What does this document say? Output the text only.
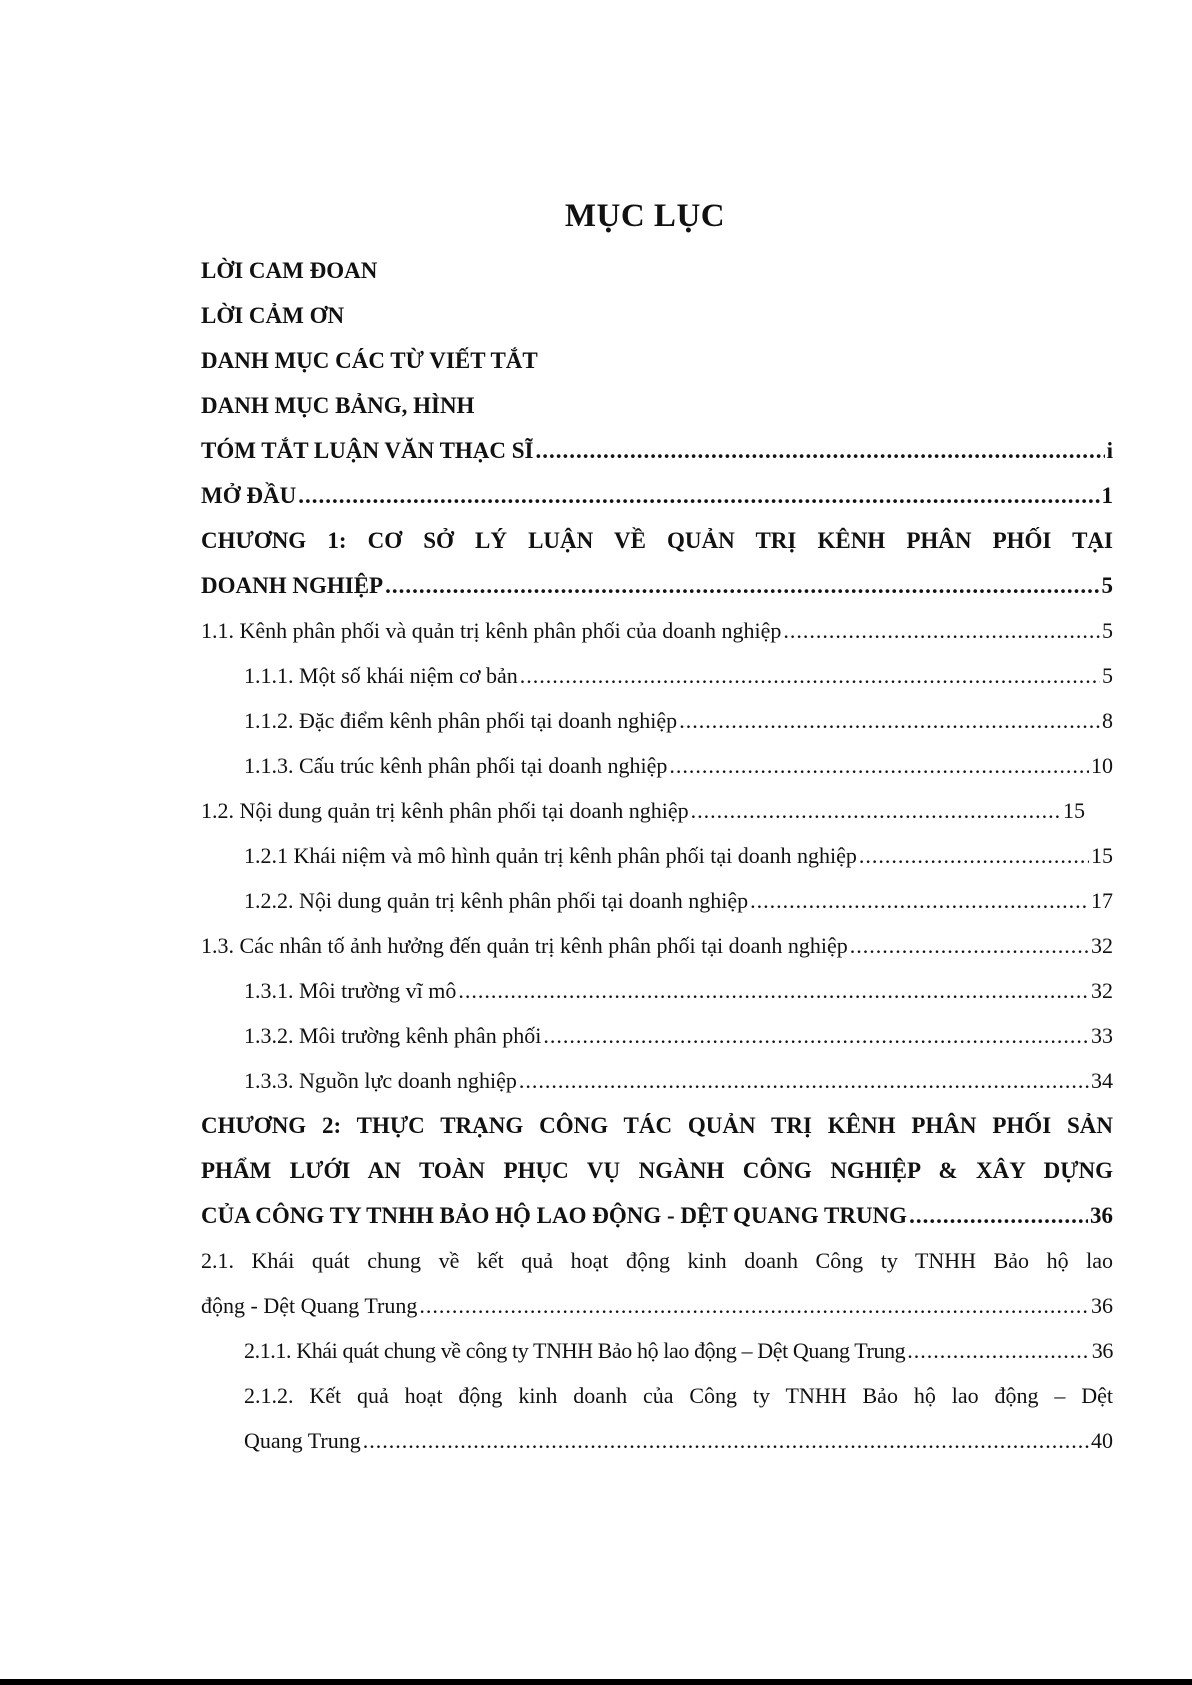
MỤC LỤC
LỜI CAM ĐOAN
LỜI CẢM ƠN
DANH MỤC CÁC TỪ VIẾT TẮT
DANH MỤC BẢNG, HÌNH
TÓM TẮT LUẬN VĂN THẠC SĨ .....	i
MỞ ĐẦU .....	1
CHƯƠNG 1: CƠ SỞ LÝ LUẬN VỀ QUẢN TRỊ KÊNH PHÂN PHỐI TẠI
DOANH NGHIỆP .....	5
1.1. Kênh phân phối và quản trị kênh phân phối của doanh nghiệp .....	5
1.1.1. Một số khái niệm cơ bản .....	5
1.1.2. Đặc điểm kênh phân phối tại doanh nghiệp .....	8
1.1.3. Cấu trúc kênh phân phối tại doanh nghiệp .....	10
1.2. Nội dung quản trị kênh phân phối tại doanh nghiệp .....	15
1.2.1 Khái niệm và mô hình quản trị kênh phân phối tại doanh nghiệp .....	15
1.2.2. Nội dung quản trị kênh phân phối tại doanh nghiệp .....	17
1.3. Các nhân tố ảnh hưởng đến quản trị kênh phân phối tại doanh nghiệp .....	32
1.3.1. Môi trường vĩ mô .....	32
1.3.2. Môi trường kênh phân phối .....	33
1.3.3. Nguồn lực doanh nghiệp .....	34
CHƯƠNG 2: THỰC TRẠNG CÔNG TÁC QUẢN TRỊ KÊNH PHÂN PHỐI SẢN
PHẨM LƯỚI AN TOÀN PHỤC VỤ NGÀNH CÔNG NGHIỆP & XÂY DỰNG
CỦA CÔNG TY TNHH BẢO HỘ LAO ĐỘNG - DỆT QUANG TRUNG .....	36
2.1. Khái quát chung về kết quả hoạt động kinh doanh Công ty TNHH Bảo hộ lao
động - Dệt Quang Trung .....	36
2.1.1. Khái quát chung về công ty TNHH Bảo hộ lao động – Dệt Quang Trung .....	36
2.1.2. Kết quả hoạt động kinh doanh của Công ty TNHH Bảo hộ lao động – Dệt
Quang Trung .....	40
